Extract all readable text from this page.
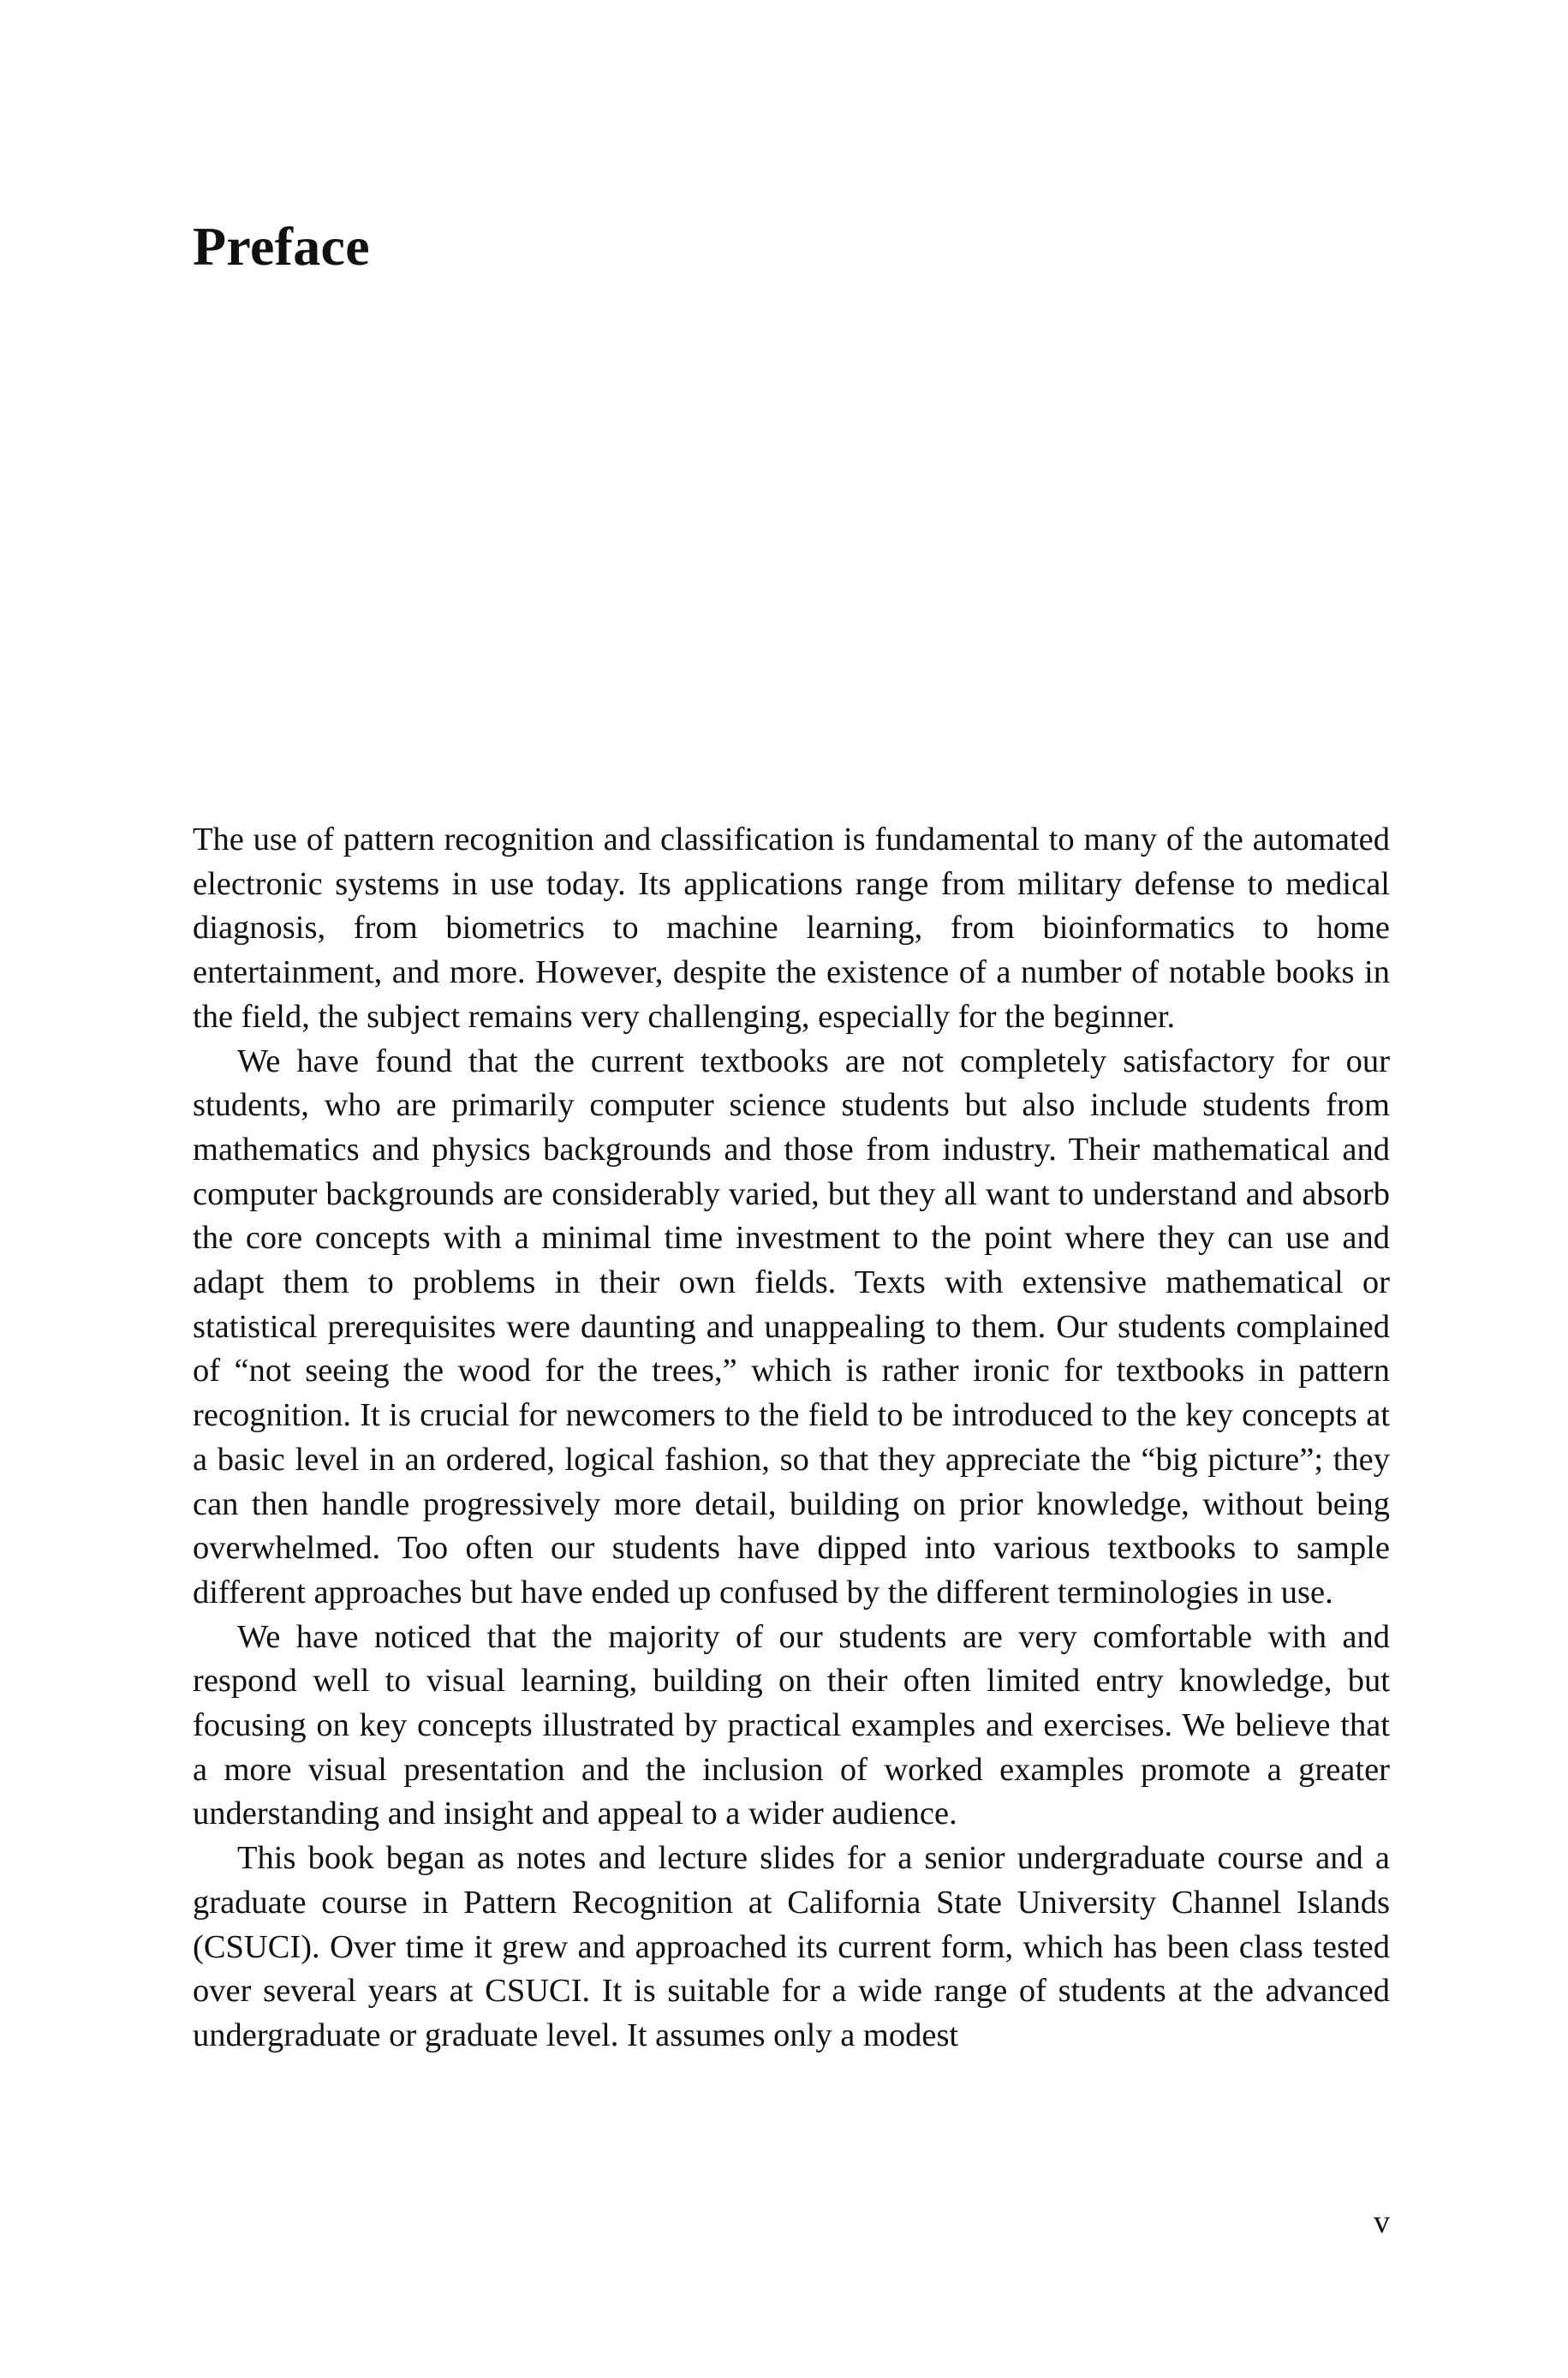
Preface

The use of pattern recognition and classification is fundamental to many of the automated electronic systems in use today. Its applications range from military defense to medical diagnosis, from biometrics to machine learning, from bioinformatics to home entertainment, and more. However, despite the existence of a number of notable books in the field, the subject remains very challenging, especially for the beginner.

We have found that the current textbooks are not completely satisfactory for our students, who are primarily computer science students but also include students from mathematics and physics backgrounds and those from industry. Their mathematical and computer backgrounds are considerably varied, but they all want to understand and absorb the core concepts with a minimal time investment to the point where they can use and adapt them to problems in their own fields. Texts with extensive mathematical or statistical prerequisites were daunting and unappealing to them. Our students complained of “not seeing the wood for the trees,” which is rather ironic for textbooks in pattern recognition. It is crucial for newcomers to the field to be introduced to the key concepts at a basic level in an ordered, logical fashion, so that they appreciate the “big picture”; they can then handle progressively more detail, building on prior knowledge, without being overwhelmed. Too often our students have dipped into various textbooks to sample different approaches but have ended up confused by the different terminologies in use.

We have noticed that the majority of our students are very comfortable with and respond well to visual learning, building on their often limited entry knowledge, but focusing on key concepts illustrated by practical examples and exercises. We believe that a more visual presentation and the inclusion of worked examples promote a greater understanding and insight and appeal to a wider audience.

This book began as notes and lecture slides for a senior undergraduate course and a graduate course in Pattern Recognition at California State University Channel Islands (CSUCI). Over time it grew and approached its current form, which has been class tested over several years at CSUCI. It is suitable for a wide range of students at the advanced undergraduate or graduate level. It assumes only a modest

v
